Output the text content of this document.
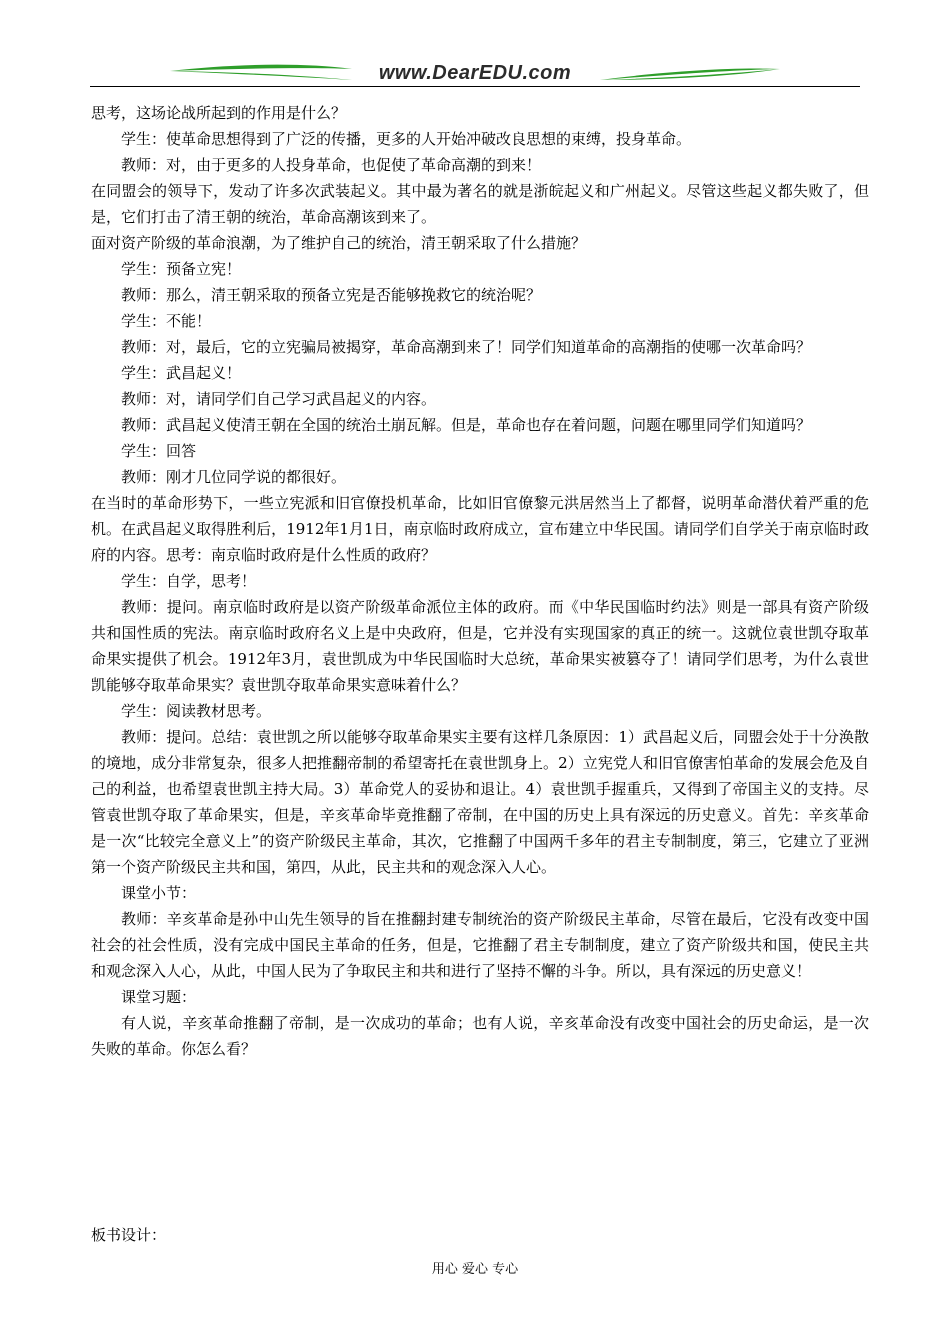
www.DearEDU.com

思考，这场论战所起到的作用是什么？

学生：使革命思想得到了广泛的传播，更多的人开始冲破改良思想的束缚，投身革命。

教师：对，由于更多的人投身革命，也促使了革命高潮的到来！

在同盟会的领导下，发动了许多次武装起义。其中最为著名的就是浙皖起义和广州起义。尽管这些起义都失败了，但是，它们打击了清王朝的统治，革命高潮该到来了。

面对资产阶级的革命浪潮，为了维护自己的统治，清王朝采取了什么措施？

学生：预备立宪！

教师：那么，清王朝采取的预备立宪是否能够挽救它的统治呢？

学生：不能！

教师：对，最后，它的立宪骗局被揭穿，革命高潮到来了！同学们知道革命的高潮指的使哪一次革命吗？

学生：武昌起义！

教师：对，请同学们自己学习武昌起义的内容。

教师：武昌起义使清王朝在全国的统治土崩瓦解。但是，革命也存在着问题，问题在哪里同学们知道吗？

学生：回答

教师：刚才几位同学说的都很好。

在当时的革命形势下，一些立宪派和旧官僚投机革命，比如旧官僚黎元洪居然当上了都督，说明革命潜伏着严重的危机。在武昌起义取得胜利后，1912年1月1日，南京临时政府成立，宣布建立中华民国。请同学们自学关于南京临时政府的内容。思考：南京临时政府是什么性质的政府？

学生：自学，思考！

教师：提问。南京临时政府是以资产阶级革命派位主体的政府。而《中华民国临时约法》则是一部具有资产阶级共和国性质的宪法。南京临时政府名义上是中央政府，但是，它并没有实现国家的真正的统一。这就位袁世凯夺取革命果实提供了机会。1912年3月，袁世凯成为中华民国临时大总统，革命果实被篡夺了！请同学们思考，为什么袁世凯能够夺取革命果实？袁世凯夺取革命果实意味着什么？

学生：阅读教材思考。

教师：提问。总结：袁世凯之所以能够夺取革命果实主要有这样几条原因：1）武昌起义后，同盟会处于十分涣散的境地，成分非常复杂，很多人把推翻帝制的希望寄托在袁世凯身上。2）立宪党人和旧官僚害怕革命的发展会危及自己的利益，也希望袁世凯主持大局。3）革命党人的妥协和退让。4）袁世凯手握重兵，又得到了帝国主义的支持。尽管袁世凯夺取了革命果实，但是，辛亥革命毕竟推翻了帝制，在中国的历史上具有深远的历史意义。首先：辛亥革命是一次“比较完全意义上”的资产阶级民主革命，其次，它推翻了中国两千多年的君主专制制度，第三，它建立了亚洲第一个资产阶级民主共和国，第四，从此，民主共和的观念深入人心。

课堂小节：

教师：辛亥革命是孙中山先生领导的旨在推翻封建专制统治的资产阶级民主革命，尽管在最后，它没有改变中国社会的社会性质，没有完成中国民主革命的任务，但是，它推翻了君主专制制度，建立了资产阶级共和国，使民主共和观念深入人心，从此，中国人民为了争取民主和共和进行了坚持不懈的斗争。所以，具有深远的历史意义！

课堂习题：

有人说，辛亥革命推翻了帝制，是一次成功的革命；也有人说，辛亥革命没有改变中国社会的历史命运，是一次失败的革命。你怎么看？

板书设计：

用心 爱心 专心
